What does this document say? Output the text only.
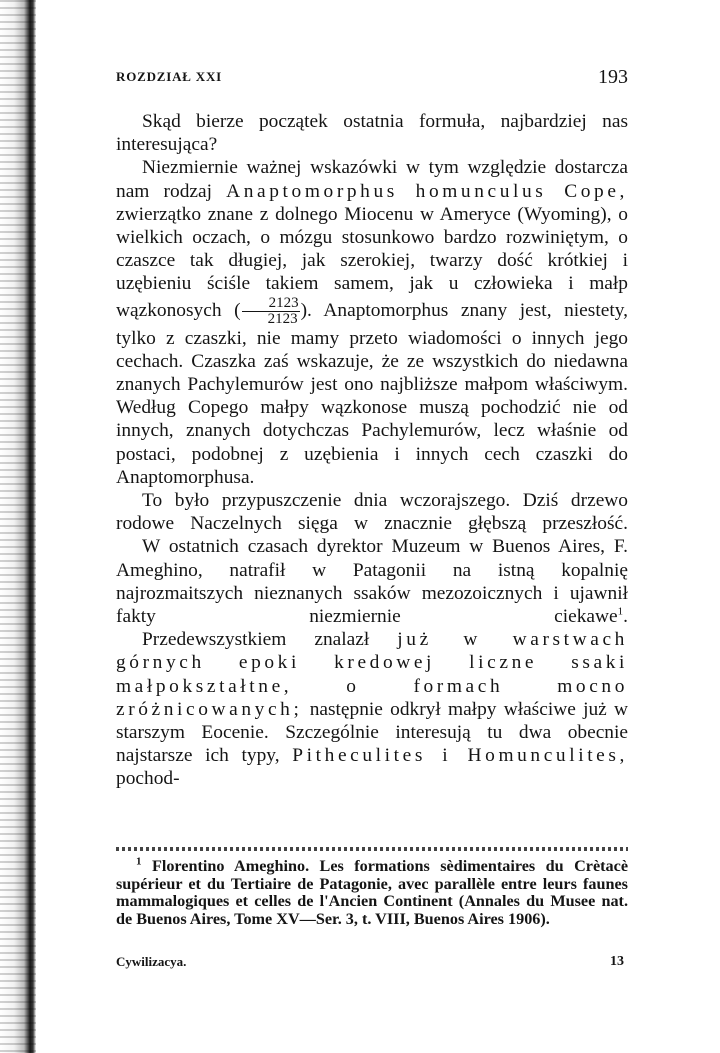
ROZDZIAŁ XXI	193

Skąd bierze początek ostatnia formuła, najbardziej nas interesująca?

Niezmiernie ważnej wskazówki w tym względzie dostarcza nam rodzaj Anaptomorphus homunculus Cope, zwierzątko znane z dolnego Miocenu w Ameryce (Wyoming), o wielkich oczach, o mózgu stosunkowo bardzo rozwiniętym, o czaszce tak długiej, jak szerokiej, twarzy dość krótkiej i uzębieniu ściśle takiem samem, jak u człowieka i małp wązkonosych ( $\frac{2123}{2123}$ ). Anaptomorphus znany jest, niestety, tylko z czaszki, nie mamy przeto wiadomości o innych jego cechach. Czaszka zaś wskazuje, że ze wszystkich do niedawna znanych Pachylemurów jest ono najbliższe małpom właściwym. Według Copego małpy wązkonose muszą pochodzić nie od innych, znanych dotychczas Pachylemurów, lecz właśnie od postaci, podobnej z uzębienia i innych cech czaszki do Anaptomorphusa.

To było przypuszczenie dnia wczorajszego. Dziś drzewo rodowe Naczelnych sięga w znacznie głębszą przeszłość.

W ostatnich czasach dyrektor Muzeum w Buenos Aires, F. Ameghino, natrafił w Patagonii na istną kopalnię najrozmaitszych nieznanych ssaków mezozoicznych i ujawnił fakty niezmiernie ciekawe$^1$.

Przedewszystkiem znalazł już w warstwach górnych epoki kredowej liczne ssaki małpokształtne, o formach mocno zróżnicowanych; następnie odkrył małpy właściwe już w starszym Eocenie. Szczególnie interesują tu dwa obecnie najstarsze ich typy, Pitheculites i Homunculites, pochod-

$^1$ Florentino Ameghino. Les formations sèdimentaires du Crètacè supérieur et du Tertiaire de Patagonie, avec parallèle entre leurs faunes mammalogiques et celles de l'Ancien Continent (Annales du Musee nat. de Buenos Aires, Tome XV—Ser. 3, t. VIII, Buenos Aires 1906).

Cywilizacya.	13
